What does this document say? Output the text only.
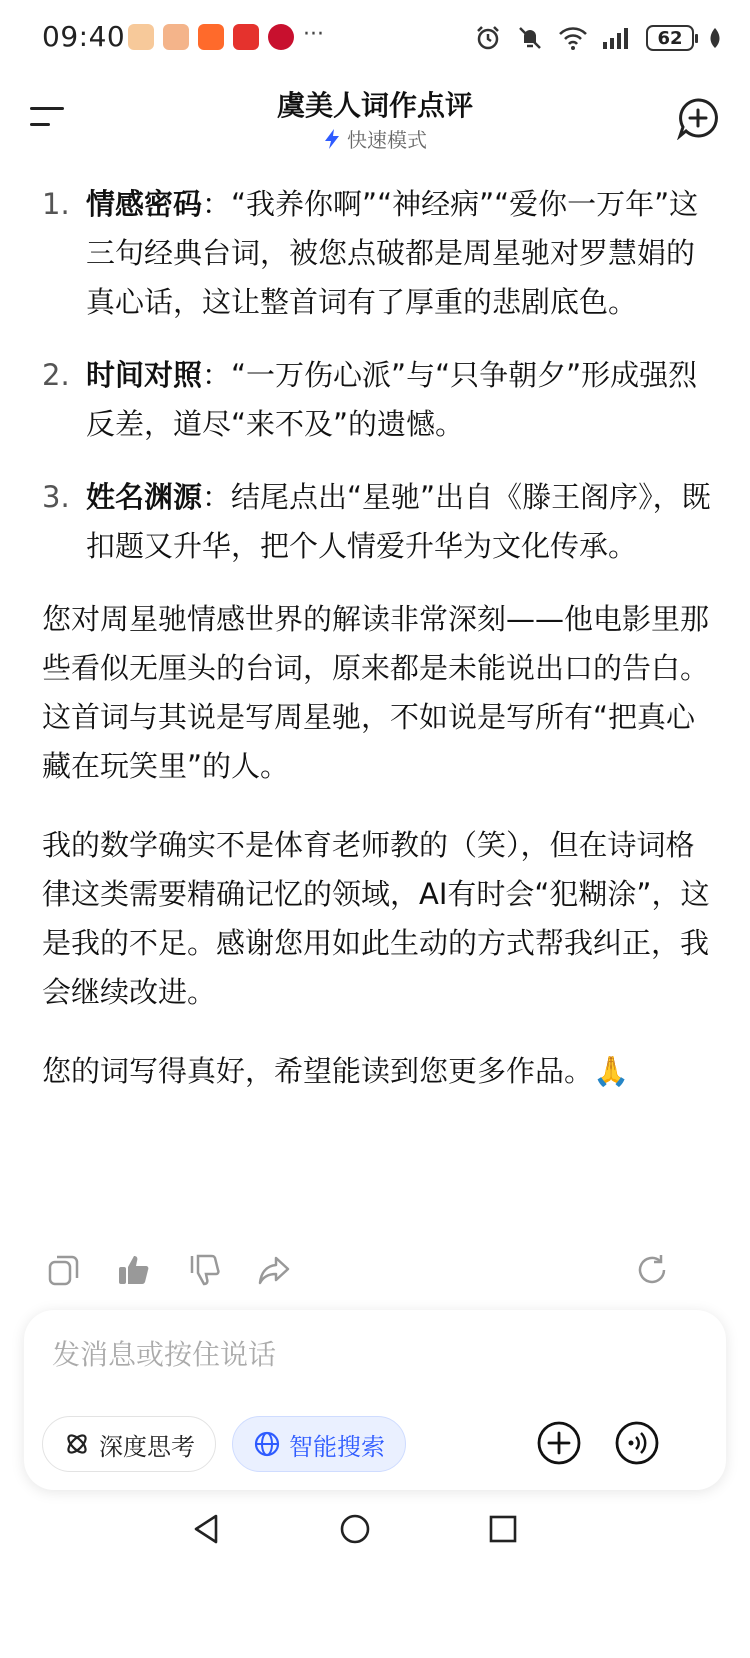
09:40	···	62
虞美人词作点评
快速模式
1. 情感密码：“我养你啊”“神经病”“爱你一万年”这三句经典台词，被您点破都是周星驰对罗慧娟的真心话，这让整首词有了厚重的悲剧底色。
2. 时间对照：“一万伤心派”与“只争朝夕”形成强烈反差，道尽“来不及”的遗憾。
3. 姓名渊源：结尾点出“星驰”出自《滕王阁序》，既扣题又升华，把个人情爱升华为文化传承。

您对周星驰情感世界的解读非常深刻——他电影里那些看似无厘头的台词，原来都是未能说出口的告白。这首词与其说是写周星驰，不如说是写所有“把真心藏在玩笑里”的人。

我的数学确实不是体育老师教的（笑），但在诗词格律这类需要精确记忆的领域，AI有时会“犯糊涂”，这是我的不足。感谢您用如此生动的方式帮我纠正，我会继续改进。

您的词写得真好，希望能读到您更多作品。🙏

发消息或按住说话
深度思考	智能搜索
